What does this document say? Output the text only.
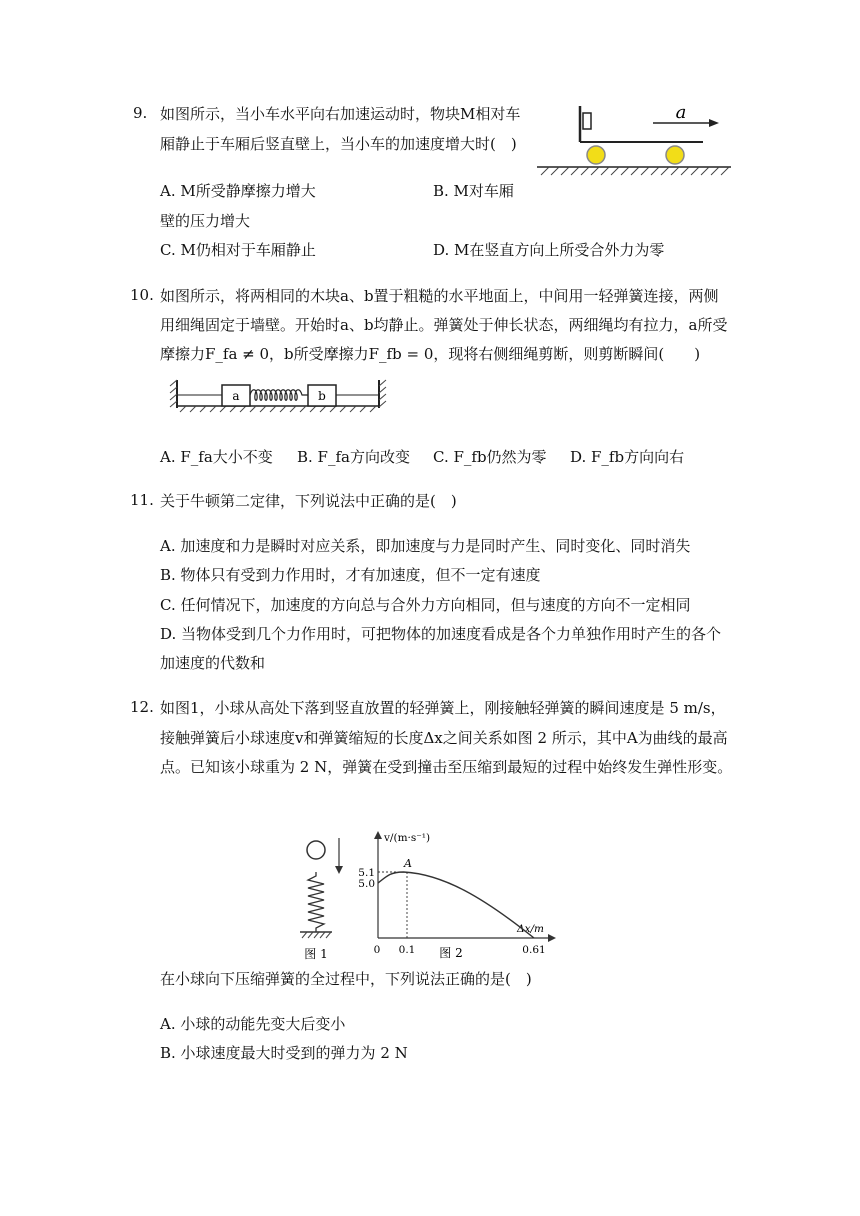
9. 如图所示，当小车水平向右加速运动时，物块M相对车
厢静止于车厢后竖直壁上，当小车的加速度增大时(　)
a
A. M所受静摩擦力增大	B. M对车厢
壁的压力增大
C. M仍相对于车厢静止	D. M在竖直方向上所受合外力为零
10. 如图所示，将两相同的木块a、b置于粗糙的水平地面上，中间用一轻弹簧连接，两侧
用细绳固定于墙壁。开始时a、b均静止。弹簧处于伸长状态，两细绳均有拉力，a所受
摩擦力F_fa ≠ 0，b所受摩擦力F_fb = 0，现将右侧细绳剪断，则剪断瞬间(　　)
a	b
A. F_fa大小不变 B. F_fa方向改变 C. F_fb仍然为零 D. F_fb方向向右
11. 关于牛顿第二定律，下列说法中正确的是(　)
A. 加速度和力是瞬时对应关系，即加速度与力是同时产生、同时变化、同时消失
B. 物体只有受到力作用时，才有加速度，但不一定有速度
C. 任何情况下，加速度的方向总与合外力方向相同，但与速度的方向不一定相同
D. 当物体受到几个力作用时，可把物体的加速度看成是各个力单独作用时产生的各个
加速度的代数和
12. 如图1，小球从高处下落到竖直放置的轻弹簧上，刚接触轻弹簧的瞬间速度是 5 m/s，
接触弹簧后小球速度v和弹簧缩短的长度Δx之间关系如图 2 所示，其中A为曲线的最高
点。已知该小球重为 2 N，弹簧在受到撞击至压缩到最短的过程中始终发生弹性形变。
图 1
v/(m·s⁻¹)
Δx/m
5.1
5.0
0 0.1	0.61
A
图 2
在小球向下压缩弹簧的全过程中，下列说法正确的是(　)
A. 小球的动能先变大后变小
B. 小球速度最大时受到的弹力为 2 N
